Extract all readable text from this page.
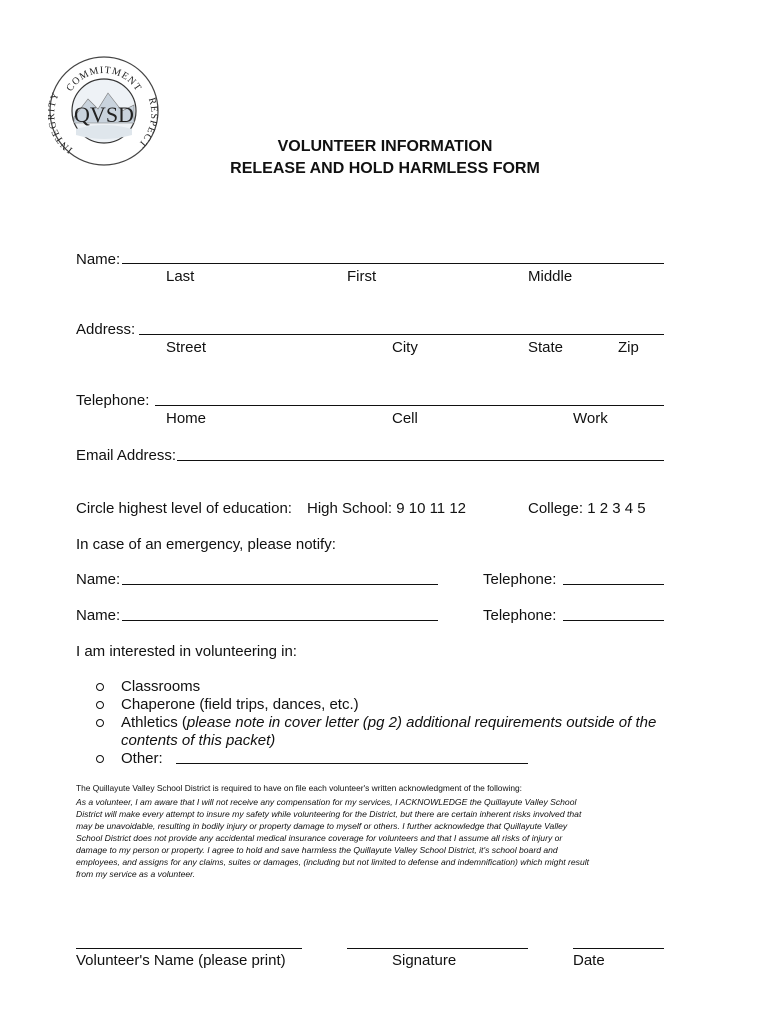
QVSD
COMMITMENT
INTE Y	RESPECT	VOLUNTEER INFORMATION
RELEASE AND HOLD HARMLESS FORM
Name:
Last	First	Middle
Address:
Street	City	State	Zip
Telephone:
Home	Cell	Work
Email Address:
Circle highest level of education: High School: 9 10 11 12	College: 1 2 3 4 5
In case of an emergency, please notify:
Name:	Telephone:
Name:	Telephone:
I am interested in volunteering in:
Classrooms
Chaperone (field trips, dances, etc.)
Athletics (please note in cover letter (pg 2) additional requirements outside of the
contents of this packet)
Other:
The Quillayute Valley School District is required to have on file each volunteer's written acknowledgment of the following:
As a volunteer, I am aware that I will not receive any compensation for my services, I ACKNOWLEDGE the Quillayute Valley School
District will make every attempt to insure my safety while volunteering for the District, but there are certain inherent risks involved that
may be unavoidable, resulting in bodily injury or property damage to myself or others. I further acknowledge that Quillayute Valley
School District does not provide any accidental medical insurance coverage for volunteers and that I assume all risks of injury or
damage to my person or property. I agree to hold and save harmless the Quillayute Valley School District, it's school board and
employees, and assigns for any claims, suites or damages, (including but not limited to defense and indemnification) which might result
from my service as a volunteer.
Volunteer's Name (please print)	Signature	Date
